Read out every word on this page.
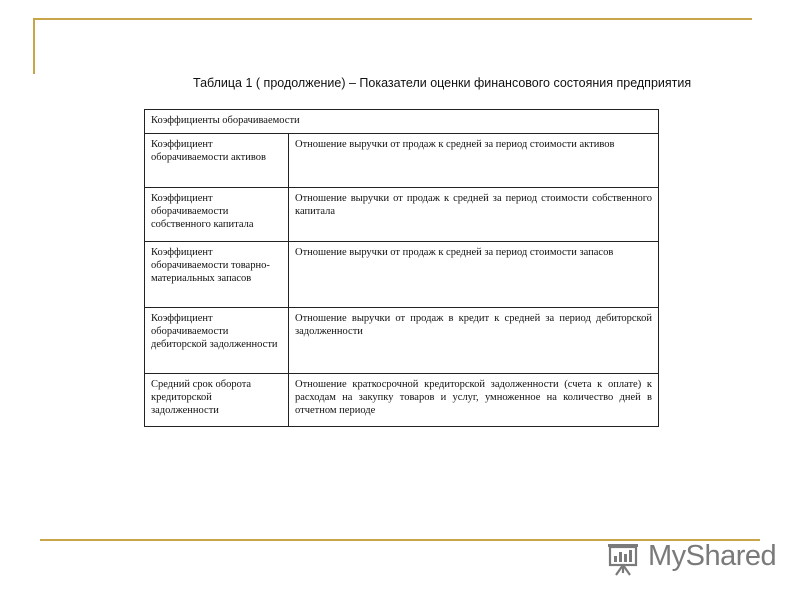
Таблица 1 ( продолжение) – Показатели оценки финансового состояния предприятия
Коэффициенты оборачиваемости	
Коэффициент оборачиваемости активов	Отношение выручки от продаж к средней за период стоимости активов
Коэффициент оборачиваемости собственного капитала	Отношение выручки от продаж к средней за период стоимости собственного капитала
Коэффициент оборачиваемости товарно-материальных запасов	Отношение выручки от продаж к средней за период стоимости запасов
Коэффициент оборачиваемости дебиторской задолженности	Отношение выручки от продаж в кредит к средней за период дебиторской задолженности
Средний срок оборота кредиторской задолженности	Отношение краткосрочной кредиторской задолженности (счета к оплате) к расходам на закупку товаров и услуг, умноженное на количество дней в отчетном периоде
MyShared
